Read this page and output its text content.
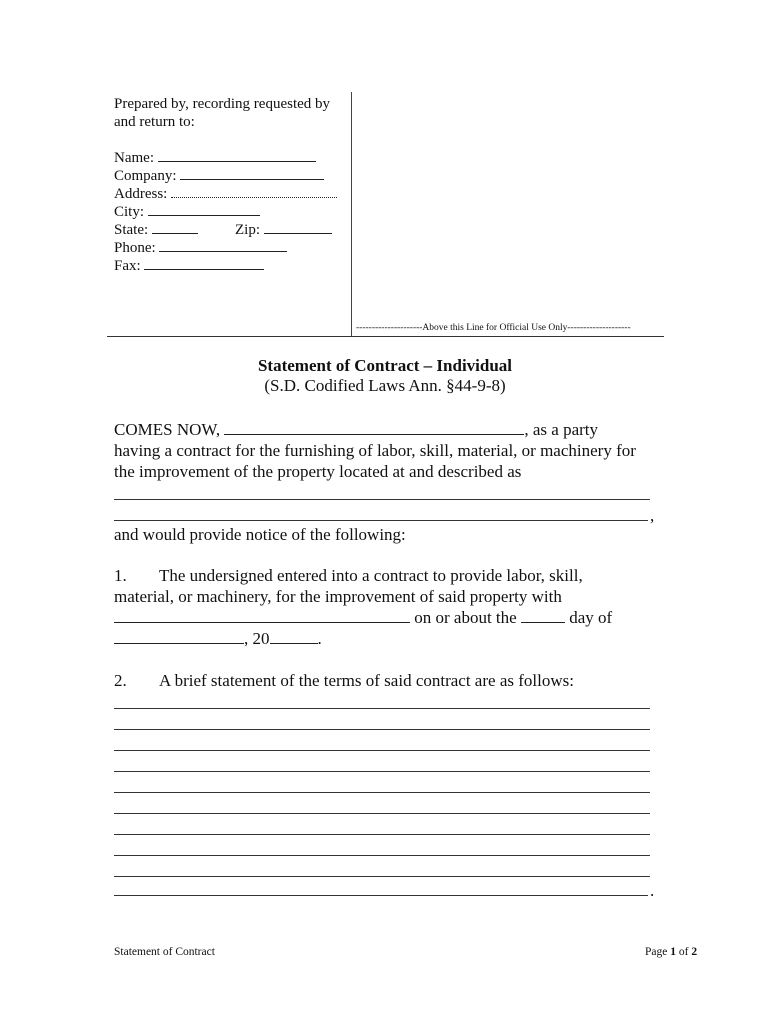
Prepared by, recording requested by
and return to:
Name:
Company:
Address:
City:
State:	Zip:
Phone:
Fax:
---------------------Above this Line for Official Use Only--------------------
Statement of Contract – Individual
(S.D. Codified Laws Ann. §44-9-8)
COMES NOW,	, as a party
having a contract for the furnishing of labor, skill, material, or machinery for
the improvement of the property located at and described as
,
and would provide notice of the following:
1. The undersigned entered into a contract to provide labor, skill,
material, or machinery, for the improvement of said property with
on or about the	day of
, 20	.
2. A brief statement of the terms of said contract are as follows:
.
Statement of Contract	Page 1 of 2
